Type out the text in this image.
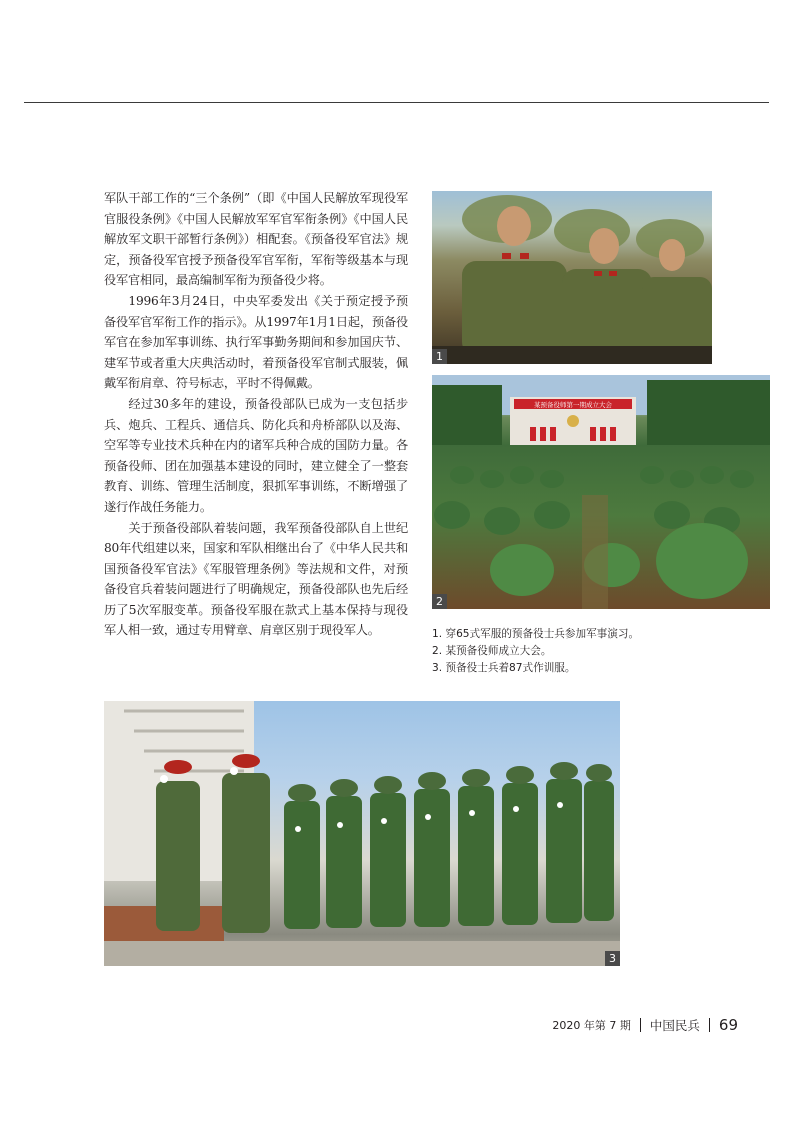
军队干部工作的“三个条例”（即《中国人民解放军现役军官服役条例》《中国人民解放军军官军衔条例》《中国人民解放军文职干部暂行条例》）相配套。《预备役军官法》规定，预备役军官授予预备役军官军衔，军衔等级基本与现役军官相同，最高编制军衔为预备役少将。

1996年3月24日，中央军委发出《关于预定授予预备役军官军衔工作的指示》。从1997年1月1日起，预备役军官在参加军事训练、执行军事勤务期间和参加国庆节、建军节或者重大庆典活动时，着预备役军官制式服装，佩戴军衔肩章、符号标志，平时不得佩戴。

经过30多年的建设，预备役部队已成为一支包括步兵、炮兵、工程兵、通信兵、防化兵和舟桥部队以及海、空军等专业技术兵种在内的诸军兵种合成的国防力量。各预备役师、团在加强基本建设的同时，建立健全了一整套教育、训练、管理生活制度，狠抓军事训练，不断增强了遂行作战任务能力。

关于预备役部队着装问题，我军预备役部队自上世纪80年代组建以来，国家和军队相继出台了《中华人民共和国预备役军官法》《军服管理条例》等法规和文件，对预备役官兵着装问题进行了明确规定，预备役部队也先后经历了5次军服变革。预备役军服在款式上基本保持与现役军人相一致，通过专用臂章、肩章区别于现役军人。

1
某预备役师第一期成立大会
2
1. 穿65式军服的预备役士兵参加军事演习。
2. 某预备役师成立大会。
3. 预备役士兵着87式作训服。
3
2020 年第 7 期 中国民兵 69
